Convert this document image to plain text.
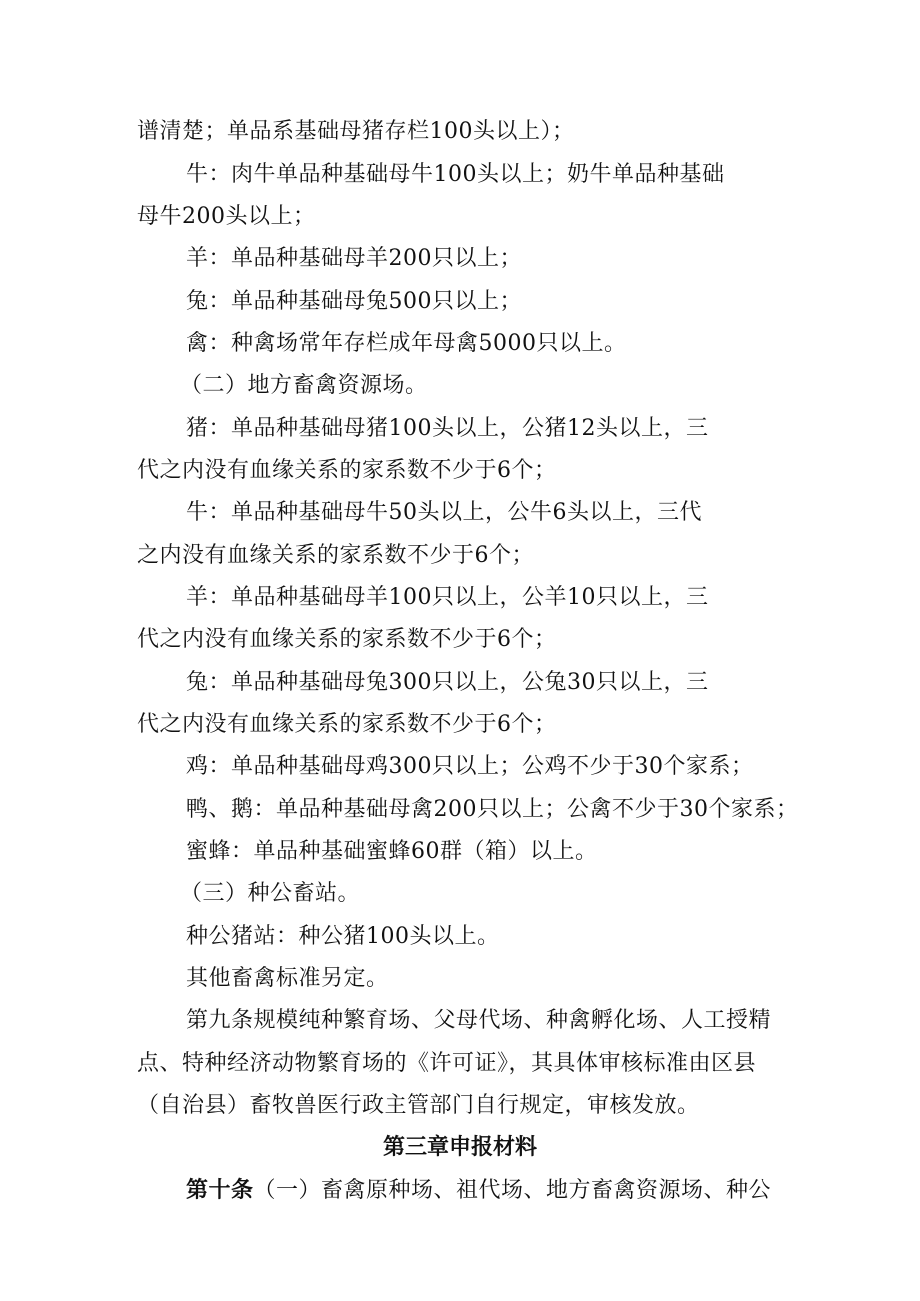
谱清楚；单品系基础母猪存栏100头以上）；
牛：肉牛单品种基础母牛100头以上；奶牛单品种基础
母牛200头以上；
羊：单品种基础母羊200只以上；
兔：单品种基础母兔500只以上；
禽：种禽场常年存栏成年母禽5000只以上。
（二）地方畜禽资源场。
猪：单品种基础母猪100头以上，公猪12头以上，三
代之内没有血缘关系的家系数不少于6个；
牛：单品种基础母牛50头以上，公牛6头以上，三代
之内没有血缘关系的家系数不少于6个；
羊：单品种基础母羊100只以上，公羊10只以上，三
代之内没有血缘关系的家系数不少于6个；
兔：单品种基础母兔300只以上，公兔30只以上，三
代之内没有血缘关系的家系数不少于6个；
鸡：单品种基础母鸡300只以上；公鸡不少于30个家系；
鸭、鹅：单品种基础母禽200只以上；公禽不少于30个家系；
蜜蜂：单品种基础蜜蜂60群（箱）以上。
（三）种公畜站。
种公猪站：种公猪100头以上。
其他畜禽标准另定。
第九条规模纯种繁育场、父母代场、种禽孵化场、人工授精
点、特种经济动物繁育场的《许可证》，其具体审核标准由区县
（自治县）畜牧兽医行政主管部门自行规定，审核发放。
第三章申报材料
第十条（一）畜禽原种场、祖代场、地方畜禽资源场、种公
